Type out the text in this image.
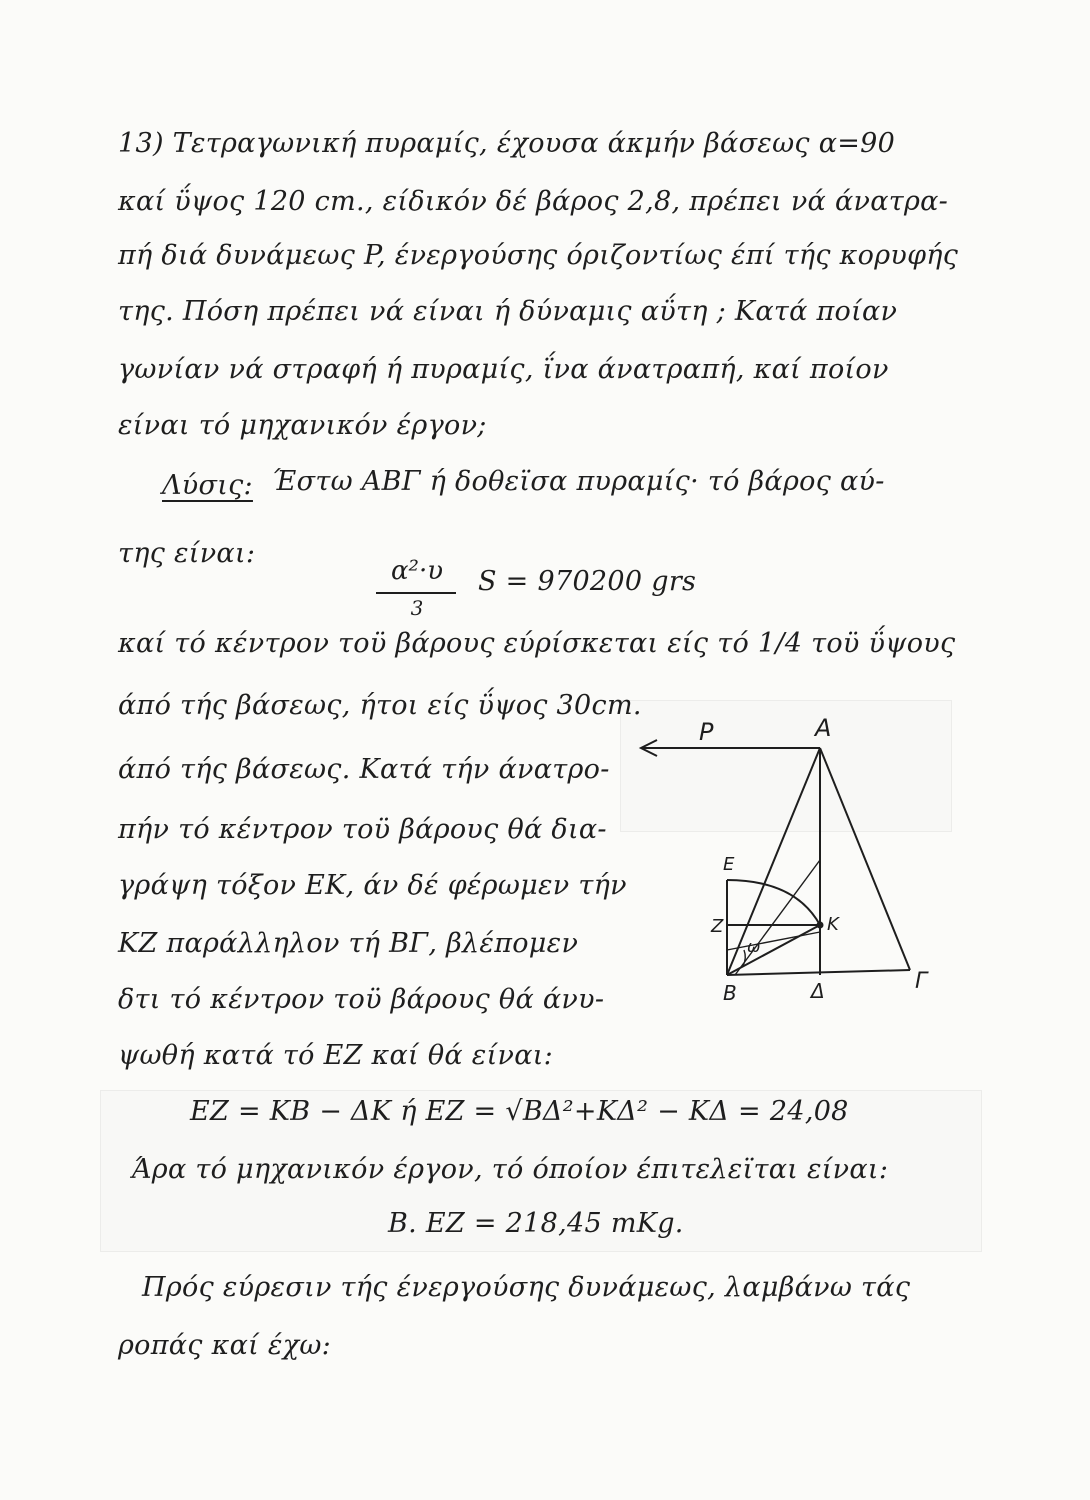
13) Τετραγωνική πυραμίς, έχουσα άκμήν βάσεως α=90
καί ΰψος 120 cm., είδικόν δέ βάρος 2,8, πρέπει νά άνατρα-
πή διά δυνάμεως P, ένεργούσης όριζοντίως έπί τής κορυφής
της. Πόση πρέπει νά είναι ή δύναμις αΰτη ; Κατά ποίαν
γωνίαν νά στραφή ή πυραμίς, ΐνα άνατραπή, καί ποίον
είναι τό μηχανικόν έργον;
Λύσις: Έστω ΑΒΓ ή δοθεϊσα πυραμίς· τό βάρος αύ-
της είναι:
α²·υ
3
S = 970200 grs
καί τό κέντρον τοϋ βάρους εύρίσκεται είς τό 1/4 τοϋ ΰψους
άπό τής βάσεως, ήτοι είς ΰψος 30cm.
άπό τής βάσεως. Κατά τήν άνατρο-
πήν τό κέντρον τοϋ βάρους θά δια-
γράψη τόξον ΕΚ, άν δέ φέρωμεν τήν
ΚΖ παράλληλον τή ΒΓ, βλέπομεν
δτι τό κέντρον τοϋ βάρους θά άνυ-
ψωθή κατά τό ΕΖ καί θά είναι:
ΕΖ = ΚΒ − ΔΚ ή ΕΖ = √ΒΔ²+ΚΔ² − ΚΔ = 24,08
Άρα τό μηχανικόν έργον, τό όποίον έπιτελεϊται είναι:
Β. ΕΖ = 218,45 mKg.
Πρός εύρεσιν τής ένεργούσης δυνάμεως, λαμβάνω τάς
ροπάς καί έχω:
P	A
E
Z	K
ω
B	Δ	Γ
